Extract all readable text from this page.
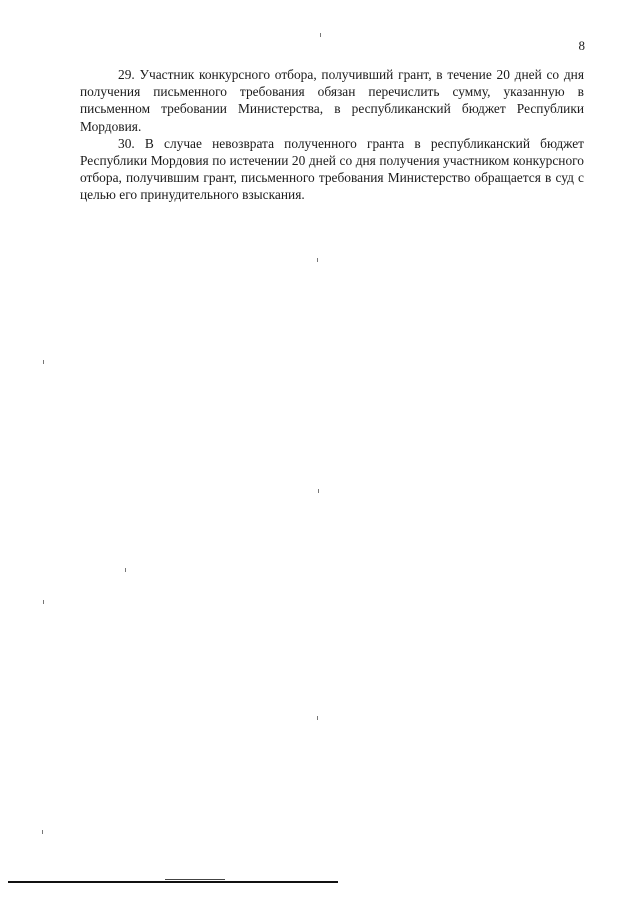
8

29. Участник конкурсного отбора, получивший грант, в течение 20 дней со дня получения письменного требования обязан перечислить сумму, указанную в письменном требовании Министерства, в республиканский бюджет Республики Мордовия.

30. В случае невозврата полученного гранта в республиканский бюджет Республики Мордовия по истечении 20 дней со дня получения участником конкурсного отбора, получившим грант, письменного требования Министерство обращается в суд с целью его принудительного взыскания.
